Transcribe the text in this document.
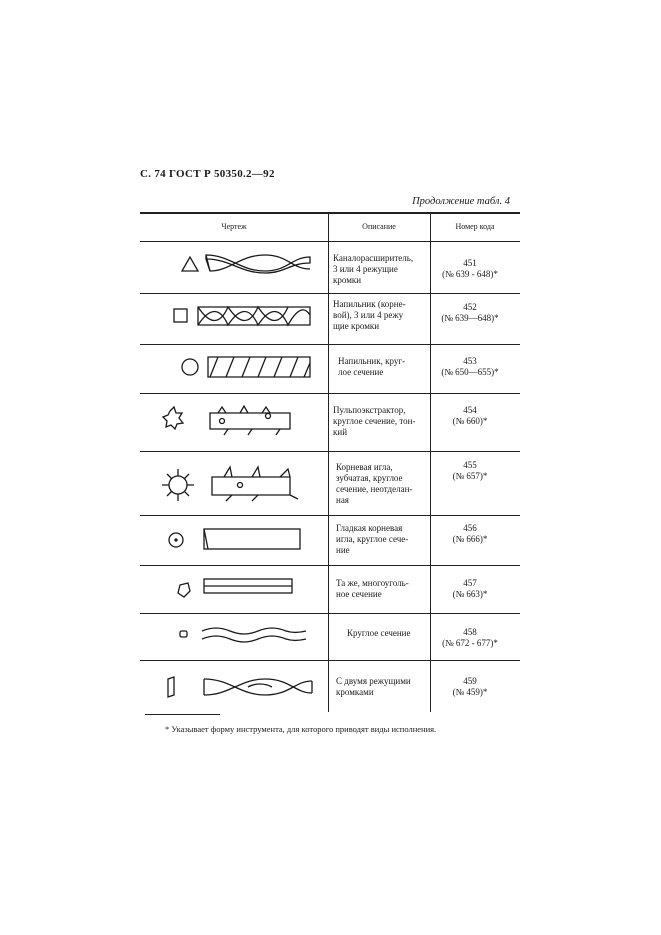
С. 74 ГОСТ Р 50350.2—92
Продолжение табл. 4
Чертеж	Описание	Номер кода
Каналорасширитель,
3 или 4 режущие
кромки
Напильник (корне-
вой), 3 или 4 режу
щие кромки
Напильник, круг-
лое сечение
Пульпоэкстрактор,
круглое сечение, тон-
кий
Корневая игла,
зубчатая, круглое
сечение, неотделан-
ная
Гладкая корневая
игла, круглое сече-
ние
Та же, многоуголь-
ное сечение
Круглое сечение
С двумя режущими
кромками
451
(№ 639 - 648)*
452
(№ 639—648)*
453
(№ 650—655)*
454
(№ 660)*
455
(№ 657)*
456
(№ 666)*
457
(№ 663)*
458
(№ 672 - 677)*
459
(№ 459)*
* Указывает форму инструмента, для которого приводят виды исполнения.
